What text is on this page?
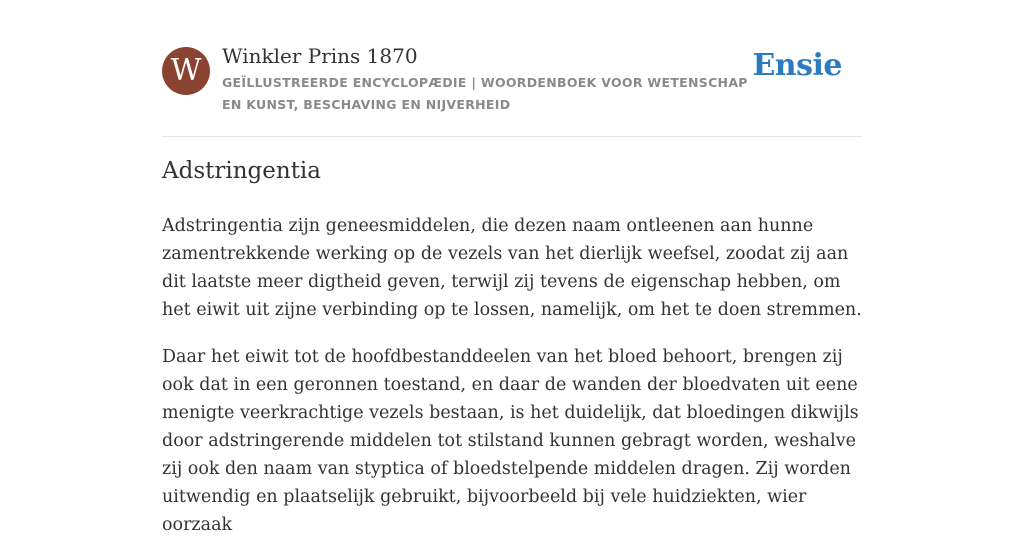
W	Winkler Prins 1870
GEÏLLUSTREERDE ENCYCLOPÆDIE | WOORDENBOEK VOOR WETENSCHAP EN KUNST, BESCHAVING EN NIJVERHEID
Ensie
Adstringentia

Adstringentia zijn geneesmiddelen, die dezen naam ontleenen aan hunne zamentrekkende werking op de vezels van het dierlijk weefsel, zoodat zij aan dit laatste meer digtheid geven, terwijl zij tevens de eigenschap hebben, om het eiwit uit zijne verbinding op te lossen, namelijk, om het te doen stremmen.

Daar het eiwit tot de hoofdbestanddeelen van het bloed behoort, brengen zij ook dat in een geronnen toestand, en daar de wanden der bloedvaten uit eene menigte veerkrachtige vezels bestaan, is het duidelijk, dat bloedingen dikwijls door adstringerende middelen tot stilstand kunnen gebragt worden, weshalve zij ook den naam van styptica of bloedstelpende middelen dragen. Zij worden uitwendig en plaatselijk gebruikt, bijvoorbeeld bij vele huidziekten, wier oorzaak
